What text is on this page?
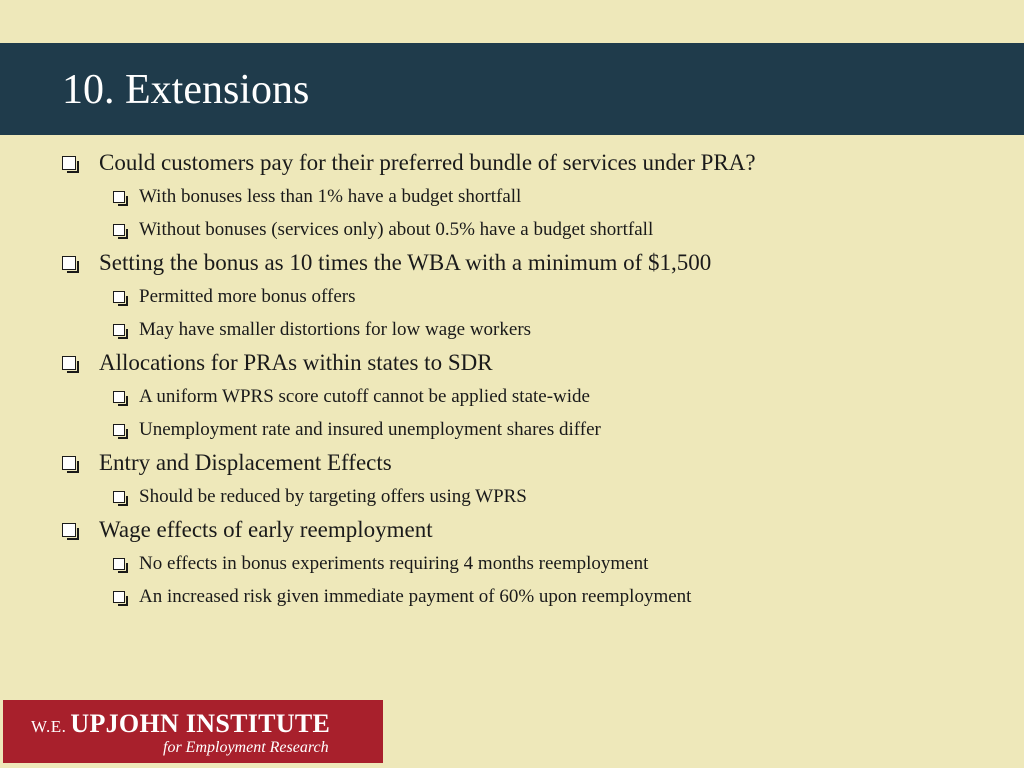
10. Extensions
Could customers pay for their preferred bundle of services under PRA?
With bonuses less than 1% have a budget shortfall
Without bonuses (services only) about 0.5% have a budget shortfall
Setting the bonus as 10 times the WBA with a minimum of $1,500
Permitted more bonus offers
May have smaller distortions for low wage workers
Allocations for PRAs within states to SDR
A uniform WPRS score cutoff cannot be applied state-wide
Unemployment rate and insured unemployment shares differ
Entry and Displacement Effects
Should be reduced by targeting offers using WPRS
Wage effects of early reemployment
No effects in bonus experiments requiring 4 months reemployment
An increased risk given immediate payment of 60% upon reemployment
W.E. UPJOHN INSTITUTE
for Employment Research
